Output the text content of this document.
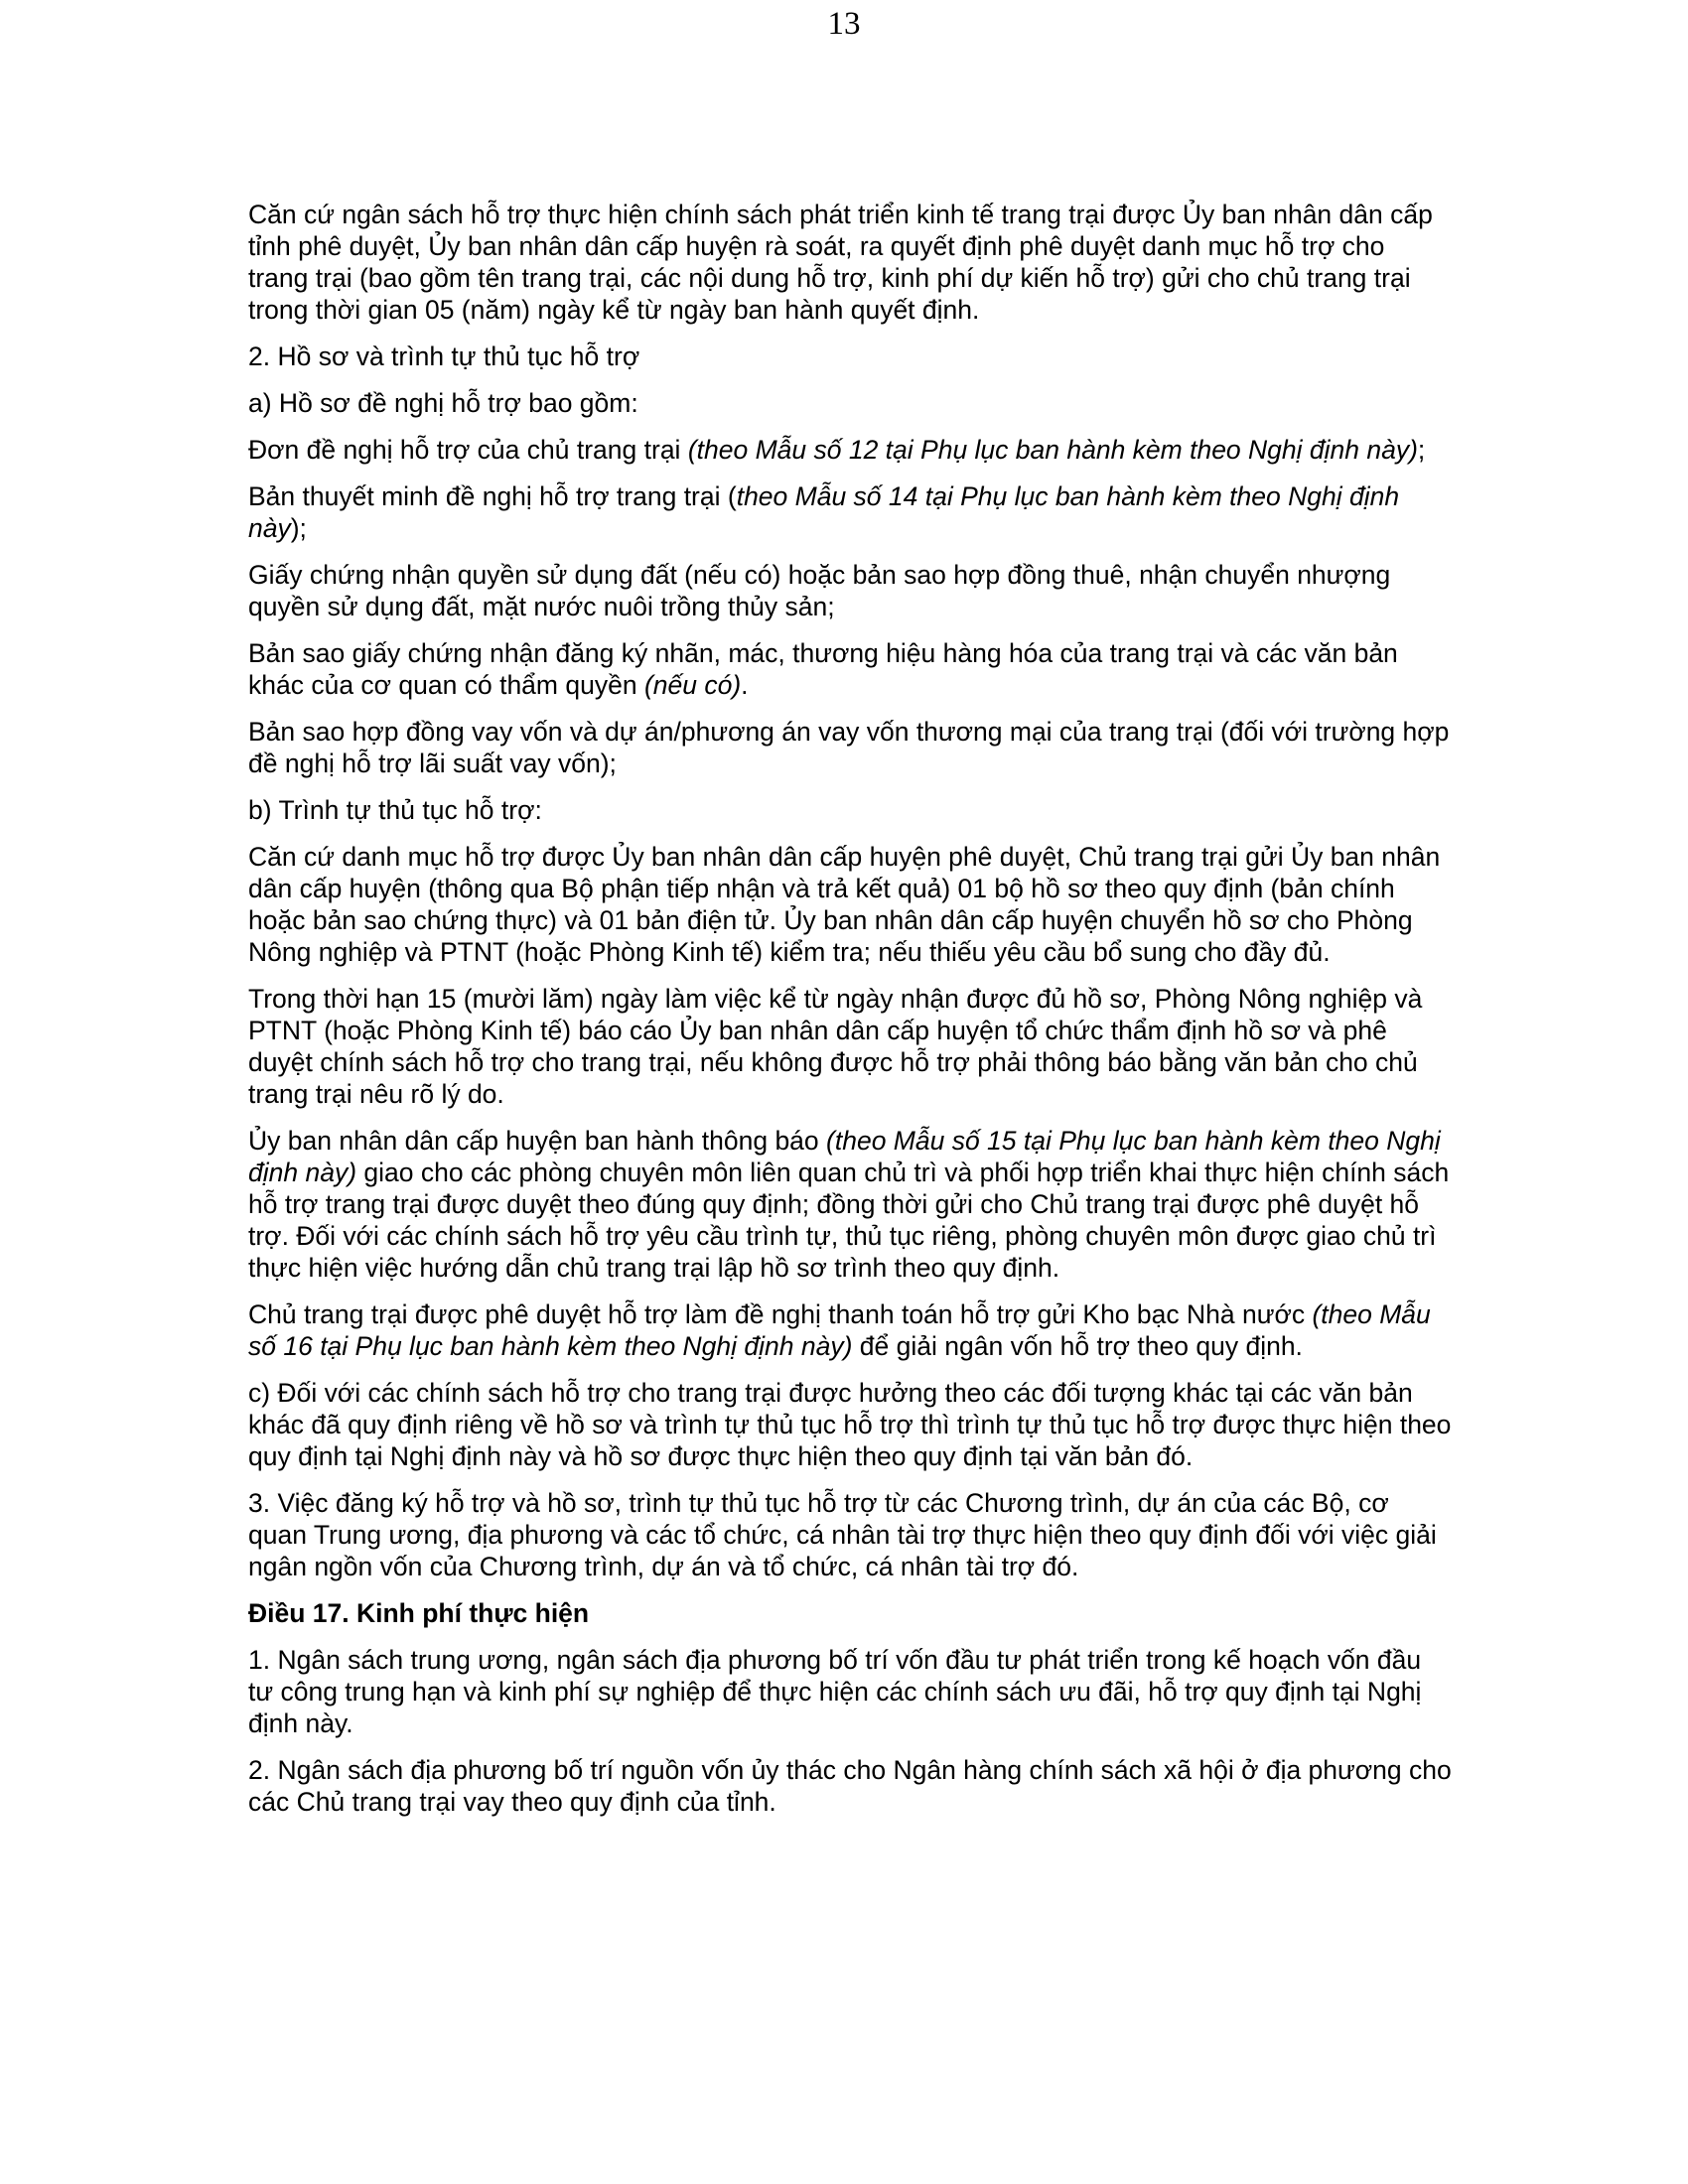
13

Căn cứ ngân sách hỗ trợ thực hiện chính sách phát triển kinh tế trang trại được Ủy ban nhân dân cấp tỉnh phê duyệt, Ủy ban nhân dân cấp huyện rà soát, ra quyết định phê duyệt danh mục hỗ trợ cho trang trại (bao gồm tên trang trại, các nội dung hỗ trợ, kinh phí dự kiến hỗ trợ) gửi cho chủ trang trại trong thời gian 05 (năm) ngày kể từ ngày ban hành quyết định.

2. Hồ sơ và trình tự thủ tục hỗ trợ

a) Hồ sơ đề nghị hỗ trợ bao gồm:

Đơn đề nghị hỗ trợ của chủ trang trại (theo Mẫu số 12 tại Phụ lục ban hành kèm theo Nghị định này);

Bản thuyết minh đề nghị hỗ trợ trang trại (theo Mẫu số 14 tại Phụ lục ban hành kèm theo Nghị định này);

Giấy chứng nhận quyền sử dụng đất (nếu có) hoặc bản sao hợp đồng thuê, nhận chuyển nhượng quyền sử dụng đất, mặt nước nuôi trồng thủy sản;

Bản sao giấy chứng nhận đăng ký nhãn, mác, thương hiệu hàng hóa của trang trại và các văn bản khác của cơ quan có thẩm quyền (nếu có).

Bản sao hợp đồng vay vốn và dự án/phương án vay vốn thương mại của trang trại (đối với trường hợp đề nghị hỗ trợ lãi suất vay vốn);

b) Trình tự thủ tục hỗ trợ:

Căn cứ danh mục hỗ trợ được Ủy ban nhân dân cấp huyện phê duyệt, Chủ trang trại gửi Ủy ban nhân dân cấp huyện (thông qua Bộ phận tiếp nhận và trả kết quả) 01 bộ hồ sơ theo quy định (bản chính hoặc bản sao chứng thực) và 01 bản điện tử. Ủy ban nhân dân cấp huyện chuyển hồ sơ cho Phòng Nông nghiệp và PTNT (hoặc Phòng Kinh tế) kiểm tra; nếu thiếu yêu cầu bổ sung cho đầy đủ.

Trong thời hạn 15 (mười lăm) ngày làm việc kể từ ngày nhận được đủ hồ sơ, Phòng Nông nghiệp và PTNT (hoặc Phòng Kinh tế) báo cáo Ủy ban nhân dân cấp huyện tổ chức thẩm định hồ sơ và phê duyệt chính sách hỗ trợ cho trang trại, nếu không được hỗ trợ phải thông báo bằng văn bản cho chủ trang trại nêu rõ lý do.

Ủy ban nhân dân cấp huyện ban hành thông báo (theo Mẫu số 15 tại Phụ lục ban hành kèm theo Nghị định này) giao cho các phòng chuyên môn liên quan chủ trì và phối hợp triển khai thực hiện chính sách hỗ trợ trang trại được duyệt theo đúng quy định; đồng thời gửi cho Chủ trang trại được phê duyệt hỗ trợ. Đối với các chính sách hỗ trợ yêu cầu trình tự, thủ tục riêng, phòng chuyên môn được giao chủ trì thực hiện việc hướng dẫn chủ trang trại lập hồ sơ trình theo quy định.

Chủ trang trại được phê duyệt hỗ trợ làm đề nghị thanh toán hỗ trợ gửi Kho bạc Nhà nước (theo Mẫu số 16 tại Phụ lục ban hành kèm theo Nghị định này) để giải ngân vốn hỗ trợ theo quy định.

c) Đối với các chính sách hỗ trợ cho trang trại được hưởng theo các đối tượng khác tại các văn bản khác đã quy định riêng về hồ sơ và trình tự thủ tục hỗ trợ thì trình tự thủ tục hỗ trợ được thực hiện theo quy định tại Nghị định này và hồ sơ được thực hiện theo quy định tại văn bản đó.

3. Việc đăng ký hỗ trợ và hồ sơ, trình tự thủ tục hỗ trợ từ các Chương trình, dự án của các Bộ, cơ quan Trung ương, địa phương và các tổ chức, cá nhân tài trợ thực hiện theo quy định đối với việc giải ngân ngồn vốn của Chương trình, dự án và tổ chức, cá nhân tài trợ đó.

Điều 17. Kinh phí thực hiện

1. Ngân sách trung ương, ngân sách địa phương bố trí vốn đầu tư phát triển trong kế hoạch vốn đầu tư công trung hạn và kinh phí sự nghiệp để thực hiện các chính sách ưu đãi, hỗ trợ quy định tại Nghị định này.

2. Ngân sách địa phương bố trí nguồn vốn ủy thác cho Ngân hàng chính sách xã hội ở địa phương cho các Chủ trang trại vay theo quy định của tỉnh.
